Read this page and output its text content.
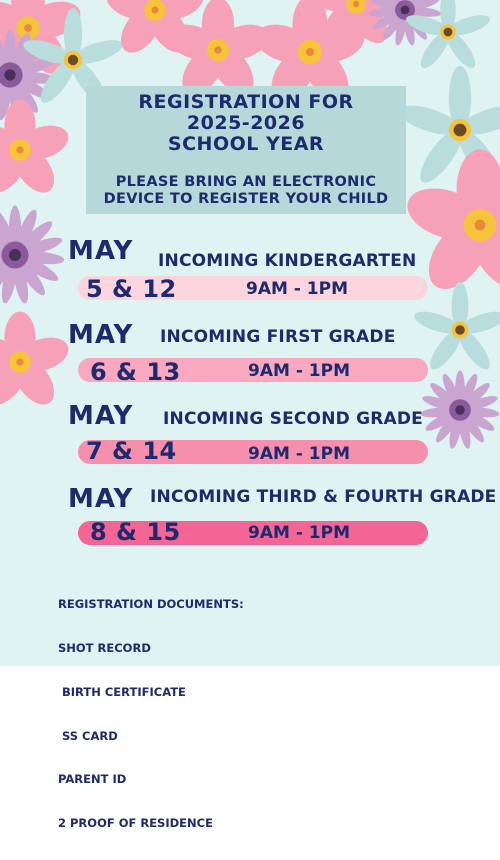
REGISTRATION FOR
2025-2026
SCHOOL YEAR
PLEASE BRING AN ELECTRONIC
DEVICE TO REGISTER YOUR CHILD
MAY INCOMING KINDERGARTEN
5 & 12	9AM - 1PM
MAY INCOMING FIRST GRADE
6 & 13	9AM - 1PM
MAY INCOMING SECOND GRADE
7 & 14	9AM - 1PM
MAY INCOMING THIRD & FOURTH GRADE
8 & 15	9AM - 1PM

REGISTRATION DOCUMENTS:

SHOT RECORD

BIRTH CERTIFICATE

SS CARD

PARENT ID

2 PROOF OF RESIDENCE
